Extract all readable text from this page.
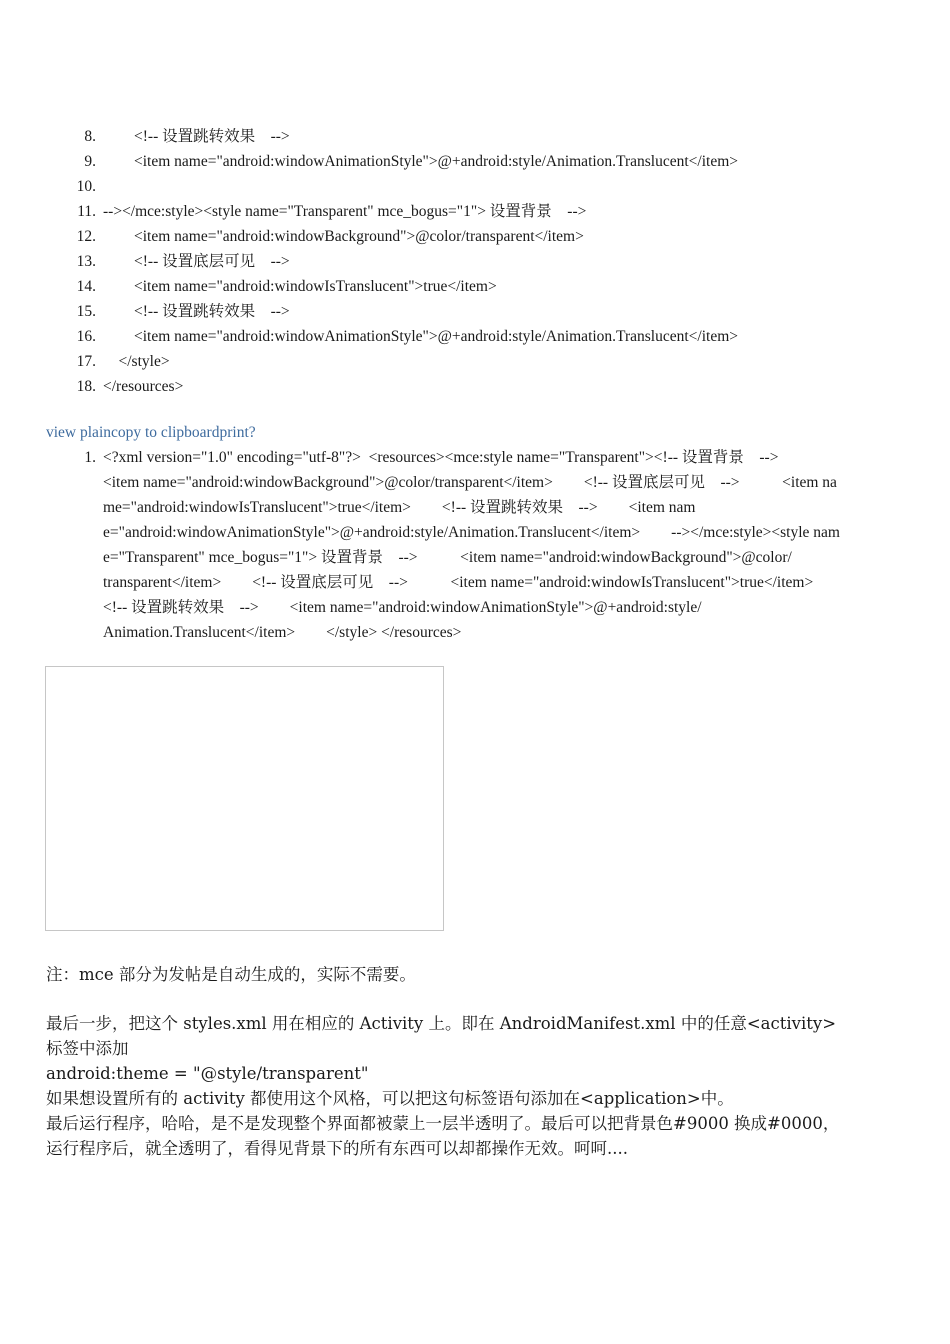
8. <!-- 设置跳转效果    -->
9. <item name="android:windowAnimationStyle">@+android:style/Animation.Translucent</item>
10.
11. --></mce:style><style name="Transparent" mce_bogus="1"> 设置背景    -->
12. <item name="android:windowBackground">@color/transparent</item>
13. <!-- 设置底层可见    -->
14. <item name="android:windowIsTranslucent">true</item>
15. <!-- 设置跳转效果    -->
16. <item name="android:windowAnimationStyle">@+android:style/Animation.Translucent</item>
17. </style>
18. </resources>
view plaincopy to clipboardprint?
1. <?xml version="1.0" encoding="utf-8"?>  <resources><mce:style name="Transparent"><!-- 设置背景    -->
<item name="android:windowBackground">@color/transparent</item>        <!-- 设置底层可见    -->           <item na
me="android:windowIsTranslucent">true</item>        <!-- 设置跳转效果    -->        <item nam
e="android:windowAnimationStyle">@+android:style/Animation.Translucent</item>        --></mce:style><style nam
e="Transparent" mce_bogus="1"> 设置背景    -->           <item name="android:windowBackground">@color/
transparent</item>        <!-- 设置底层可见    -->           <item name="android:windowIsTranslucent">true</item>
<!-- 设置跳转效果    -->        <item name="android:windowAnimationStyle">@+android:style/
Animation.Translucent</item>        </style> </resources>
注：mce 部分为发帖是自动生成的，实际不需要。
最后一步，把这个 styles.xml 用在相应的 Activity 上。即在 AndroidManifest.xml 中的任意<activity>
标签中添加
android:theme = "@style/transparent"
如果想设置所有的 activity 都使用这个风格，可以把这句标签语句添加在<application>中。
最后运行程序，哈哈，是不是发现整个界面都被蒙上一层半透明了。最后可以把背景色#9000 换成#0000，
运行程序后，就全透明了，看得见背景下的所有东西可以却都操作无效。呵呵....
